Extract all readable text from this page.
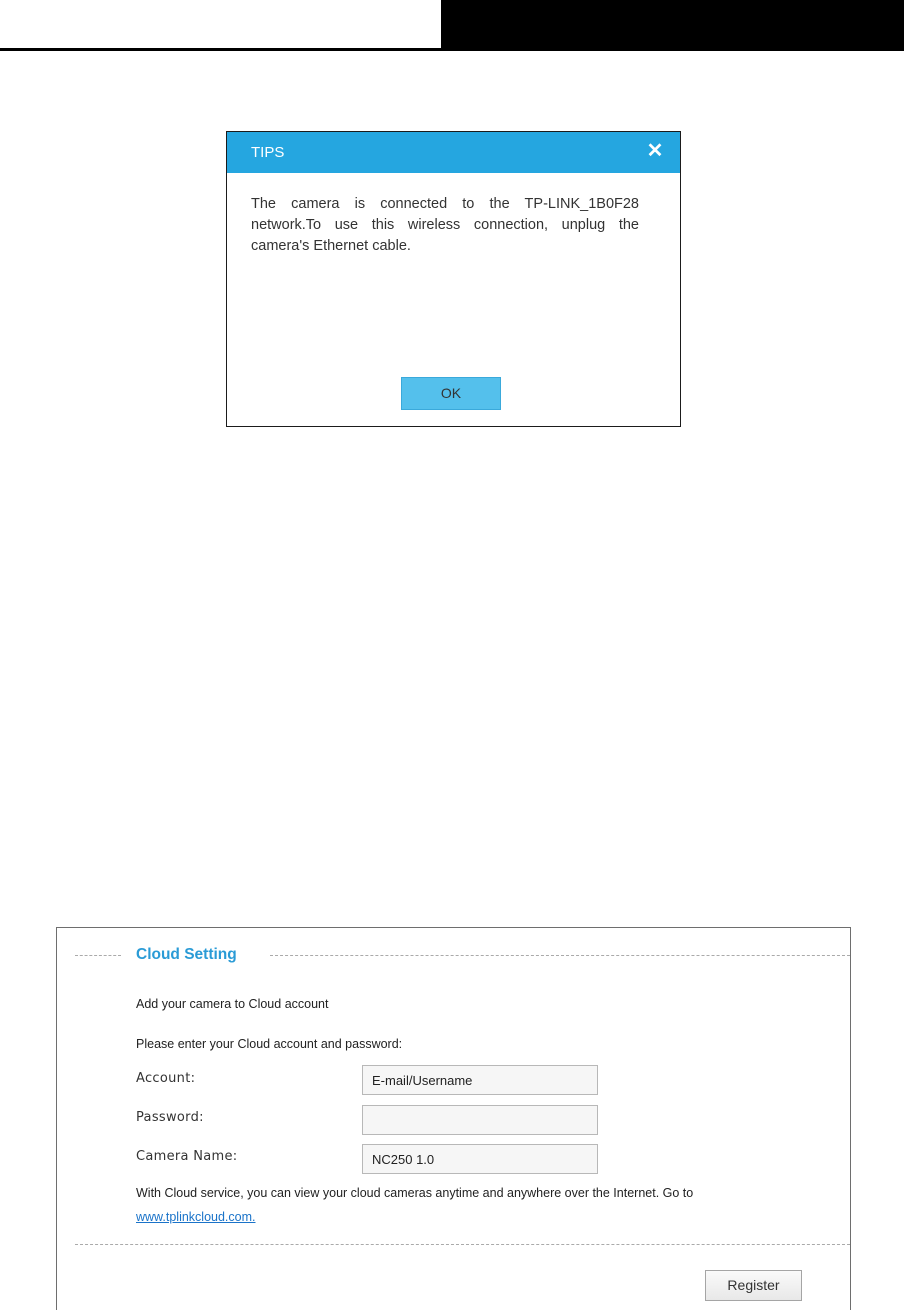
TIPS	✕
The camera is connected to the TP-LINK_1B0F28 network.To use this wireless connection, unplug the camera's Ethernet cable.
OK
Cloud Setting
Add your camera to Cloud account
Please enter your Cloud account and password:
Account:
E-mail/Username
Password:
Camera Name:
NC250 1.0
With Cloud service, you can view your cloud cameras anytime and anywhere over the Internet. Go to
www.tplinkcloud.com.
Register
